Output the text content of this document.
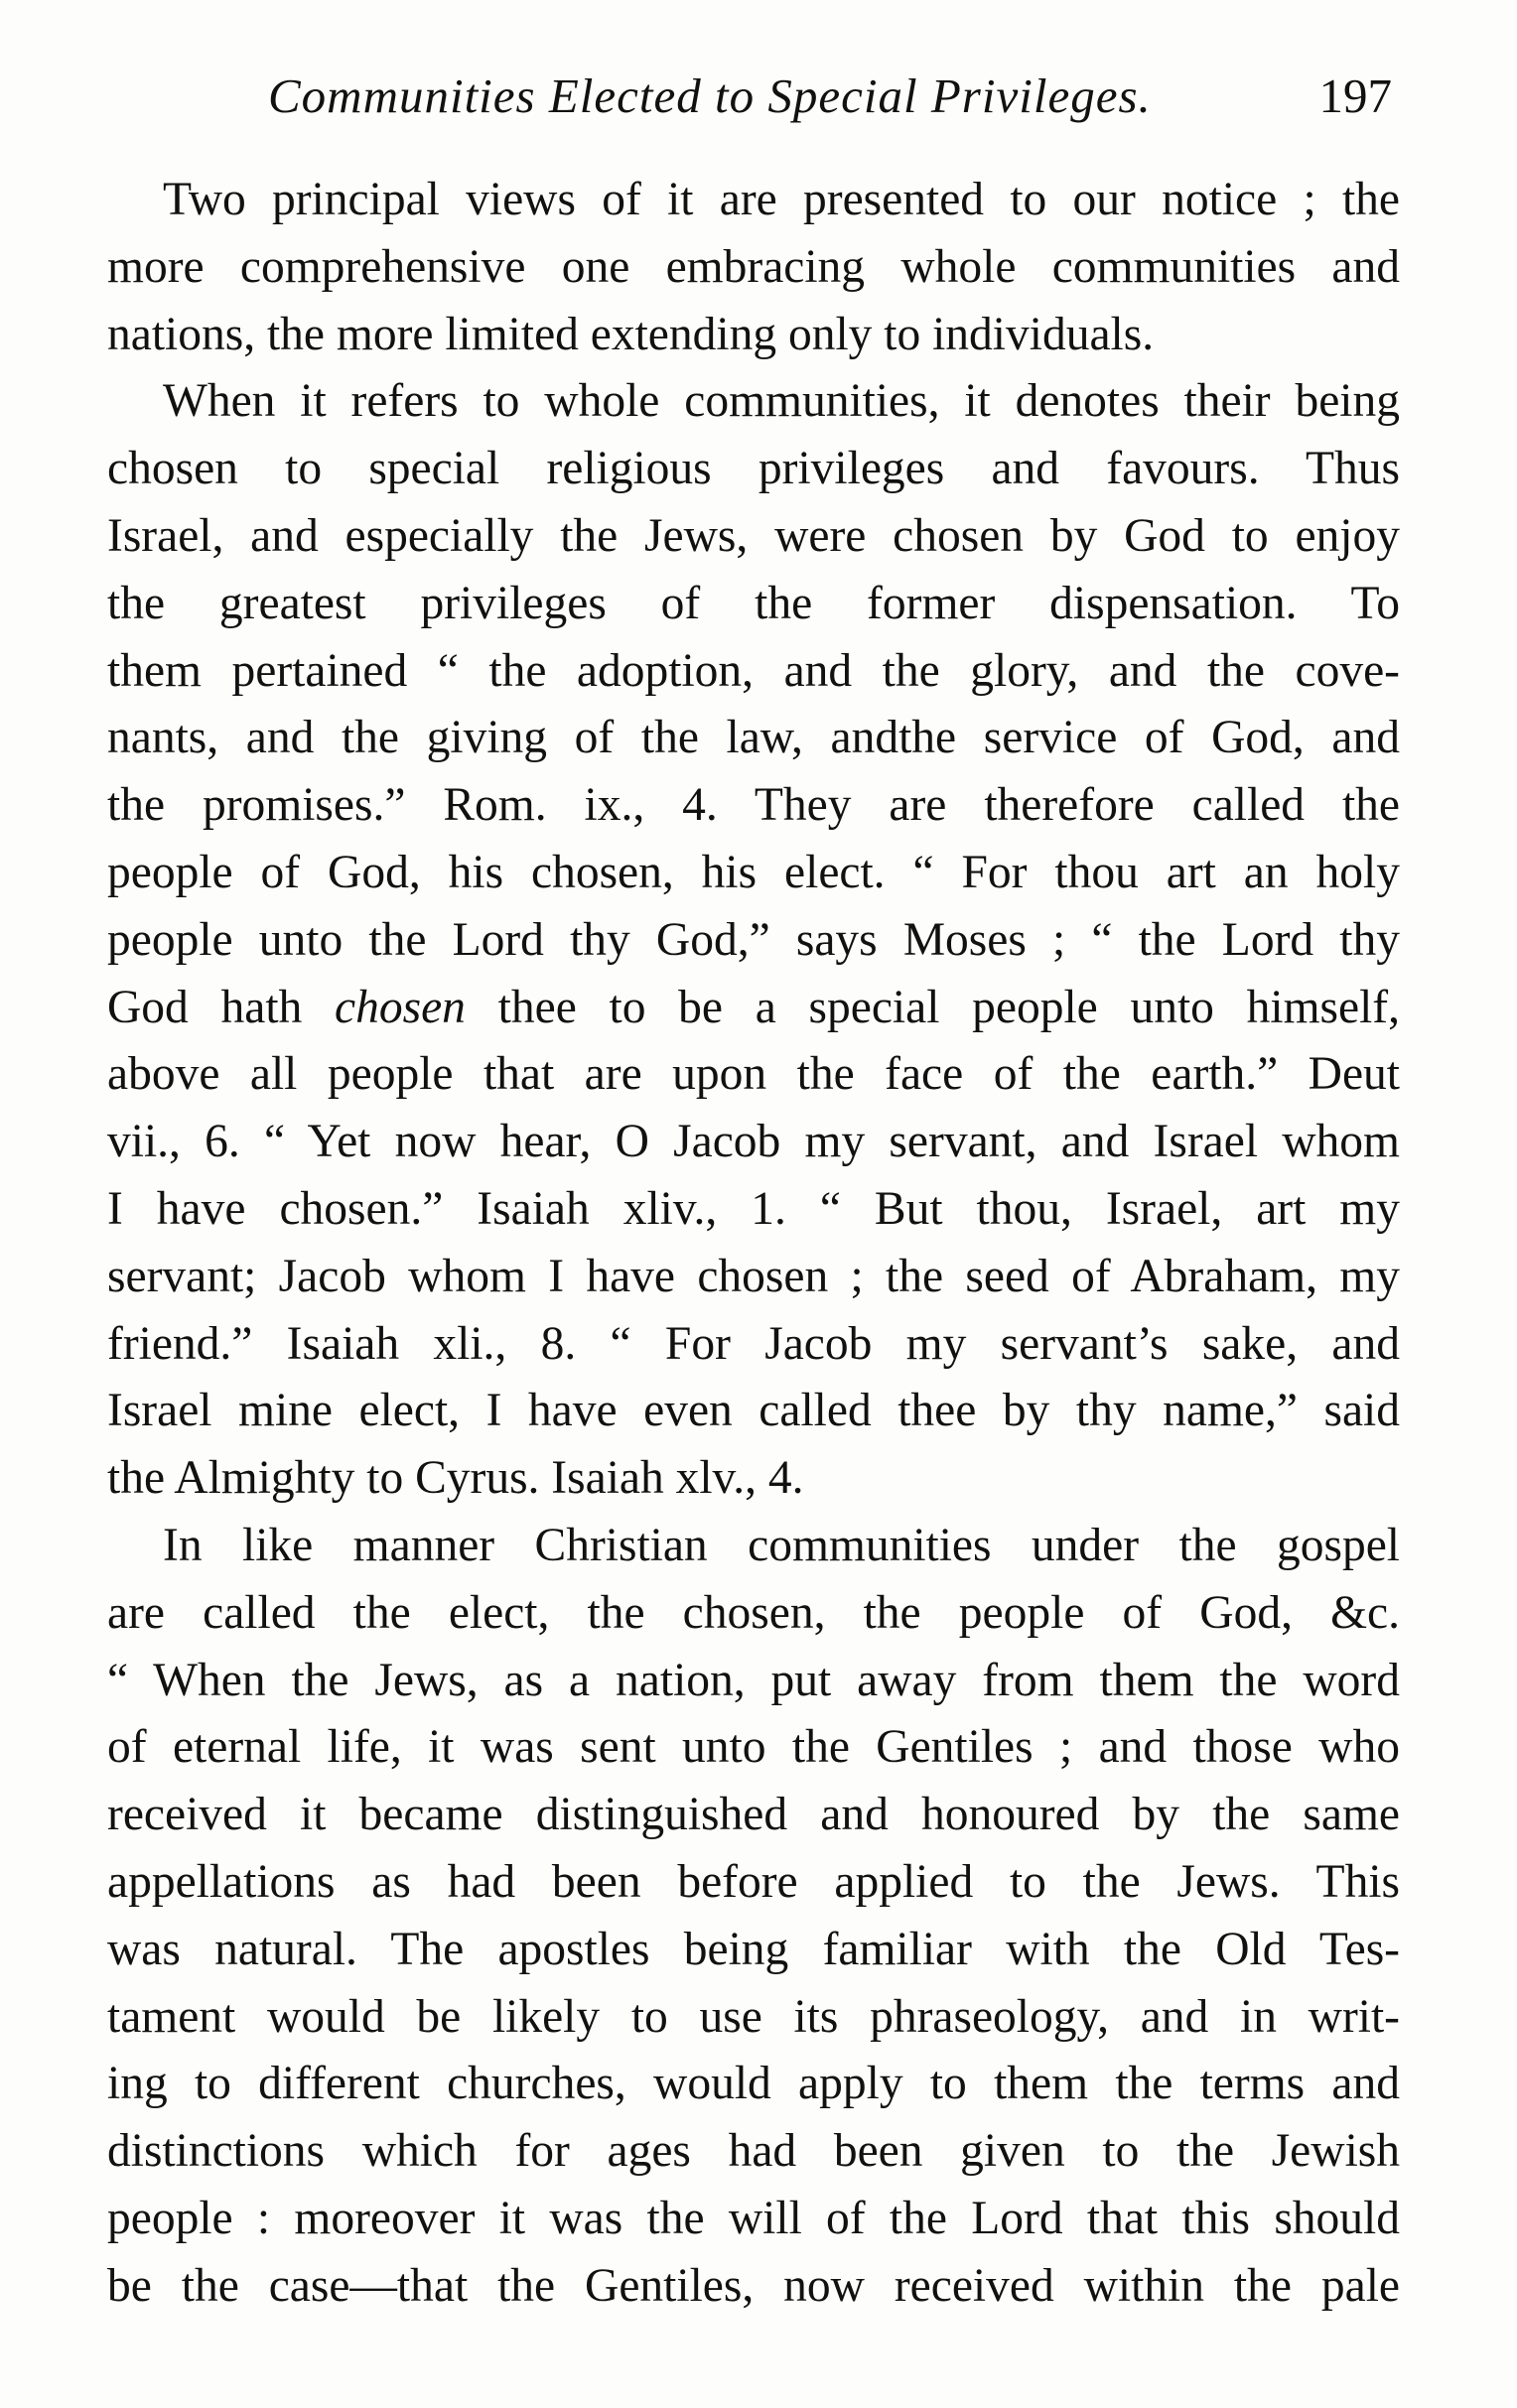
Communities Elected to Special Privileges.	197
Two principal views of it are presented to our notice ; the
more comprehensive one embracing whole communities and
nations, the more limited extending only to individuals.
When it refers to whole communities, it denotes their being
chosen to special religious privileges and favours. Thus
Israel, and especially the Jews, were chosen by God to enjoy
the greatest privileges of the former dispensation. To
them pertained “ the adoption, and the glory, and the cove-
nants, and the giving of the law, andthe service of God, and
the promises.” Rom. ix., 4. They are therefore called the
people of God, his chosen, his elect. “ For thou art an holy
people unto the Lord thy God,” says Moses ; “ the Lord thy
God hath chosen thee to be a special people unto himself,
above all people that are upon the face of the earth.” Deut
vii., 6. “ Yet now hear, O Jacob my servant, and Israel whom
I have chosen.” Isaiah xliv., 1. “ But thou, Israel, art my
servant; Jacob whom I have chosen ; the seed of Abraham, my
friend.” Isaiah xli., 8. “ For Jacob my servant’s sake, and
Israel mine elect, I have even called thee by thy name,” said
the Almighty to Cyrus. Isaiah xlv., 4.
In like manner Christian communities under the gospel
are called the elect, the chosen, the people of God, &c.
“ When the Jews, as a nation, put away from them the word
of eternal life, it was sent unto the Gentiles ; and those who
received it became distinguished and honoured by the same
appellations as had been before applied to the Jews. This
was natural. The apostles being familiar with the Old Tes-
tament would be likely to use its phraseology, and in writ-
ing to different churches, would apply to them the terms and
distinctions which for ages had been given to the Jewish
people : moreover it was the will of the Lord that this should
be the case—that the Gentiles, now received within the pale
